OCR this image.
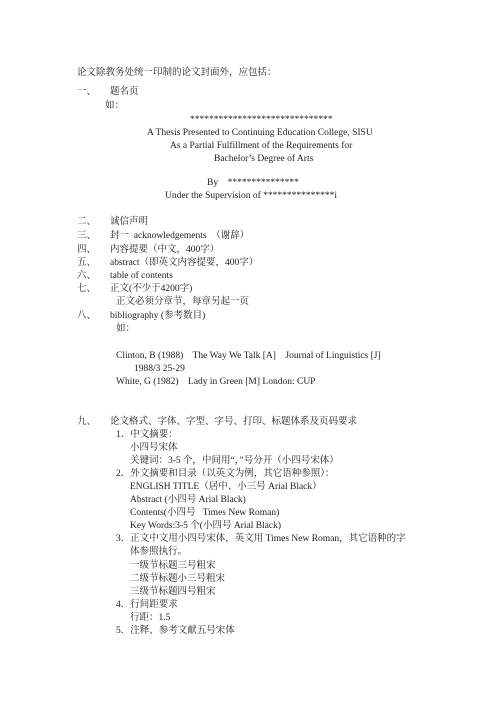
论文除教务处统一印制的论文封面外，应包括：
一、 题名页
如：
******************************
A Thesis Presented to Continuing Education College, SISU
As a Partial Fulfillment of the Requirements for
Bachelor’s Degree of Arts
By    ***************
Under the Supervision of ***************i
二、 诚信声明
三、 封一  acknowledgements  （谢辞）
四、 内容提要（中文，400字）
五、 abstract（即英文内容提要，400字）
六、 table of contents
七、 正文(不少于4200字)
正文必须分章节，每章另起一页
八、 bibliography (参考数目)
如：
Clinton, B (1988)    The Way We Talk [A]    Journal of Linguistics [J]
1988/3 25-29
White, G (1982)    Lady in Green [M] London: CUP
九、 论文格式、字体、字型、字号、打印、标题体系及页码要求
1．中文摘要：
小四号宋体
关键词：3-5 个，中间用“，”号分开（小四号宋体）
2．外文摘要和目录（以英文为例，其它语种参照）：
ENGLISH TITLE（居中、小三号 Arial Black）
Abstract (小四号 Arial Black)
Contents(小四号   Times New Roman)
Key Words:3-5 个(小四号 Arial Black)
3．正文中文用小四号宋体，英文用 Times New Roman，其它语种的字
体参照执行。
一级节标题三号粗宋
二级节标题小三号粗宋
三级节标题四号粗宋
4．行间距要求
行距：1.5
5．注释、参考文献五号宋体
